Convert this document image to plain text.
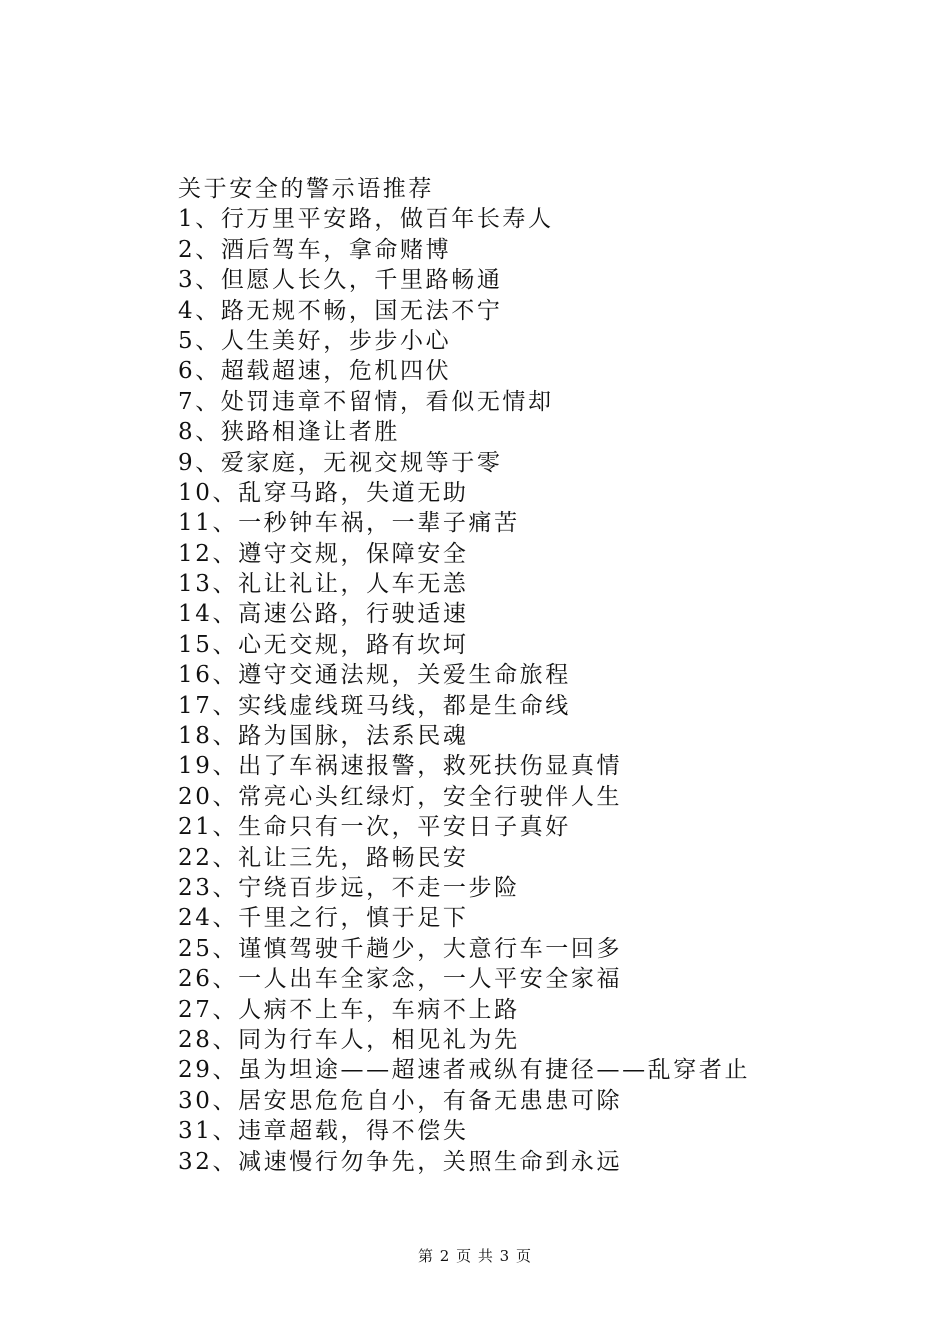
关于安全的警示语推荐
1、行万里平安路，做百年长寿人
2、酒后驾车，拿命赌博
3、但愿人长久，千里路畅通
4、路无规不畅，国无法不宁
5、人生美好，步步小心
6、超载超速，危机四伏
7、处罚违章不留情，看似无情却
8、狭路相逢让者胜
9、爱家庭，无视交规等于零
10、乱穿马路，失道无助
11、一秒钟车祸，一辈子痛苦
12、遵守交规，保障安全
13、礼让礼让，人车无恙
14、高速公路，行驶适速
15、心无交规，路有坎坷
16、遵守交通法规，关爱生命旅程
17、实线虚线斑马线，都是生命线
18、路为国脉，法系民魂
19、出了车祸速报警，救死扶伤显真情
20、常亮心头红绿灯，安全行驶伴人生
21、生命只有一次，平安日子真好
22、礼让三先，路畅民安
23、宁绕百步远，不走一步险
24、千里之行，慎于足下
25、谨慎驾驶千趟少，大意行车一回多
26、一人出车全家念，一人平安全家福
27、人病不上车，车病不上路
28、同为行车人，相见礼为先
29、虽为坦途——超速者戒纵有捷径——乱穿者止
30、居安思危危自小，有备无患患可除
31、违章超载，得不偿失
32、减速慢行勿争先，关照生命到永远
第 2 页 共 3 页
